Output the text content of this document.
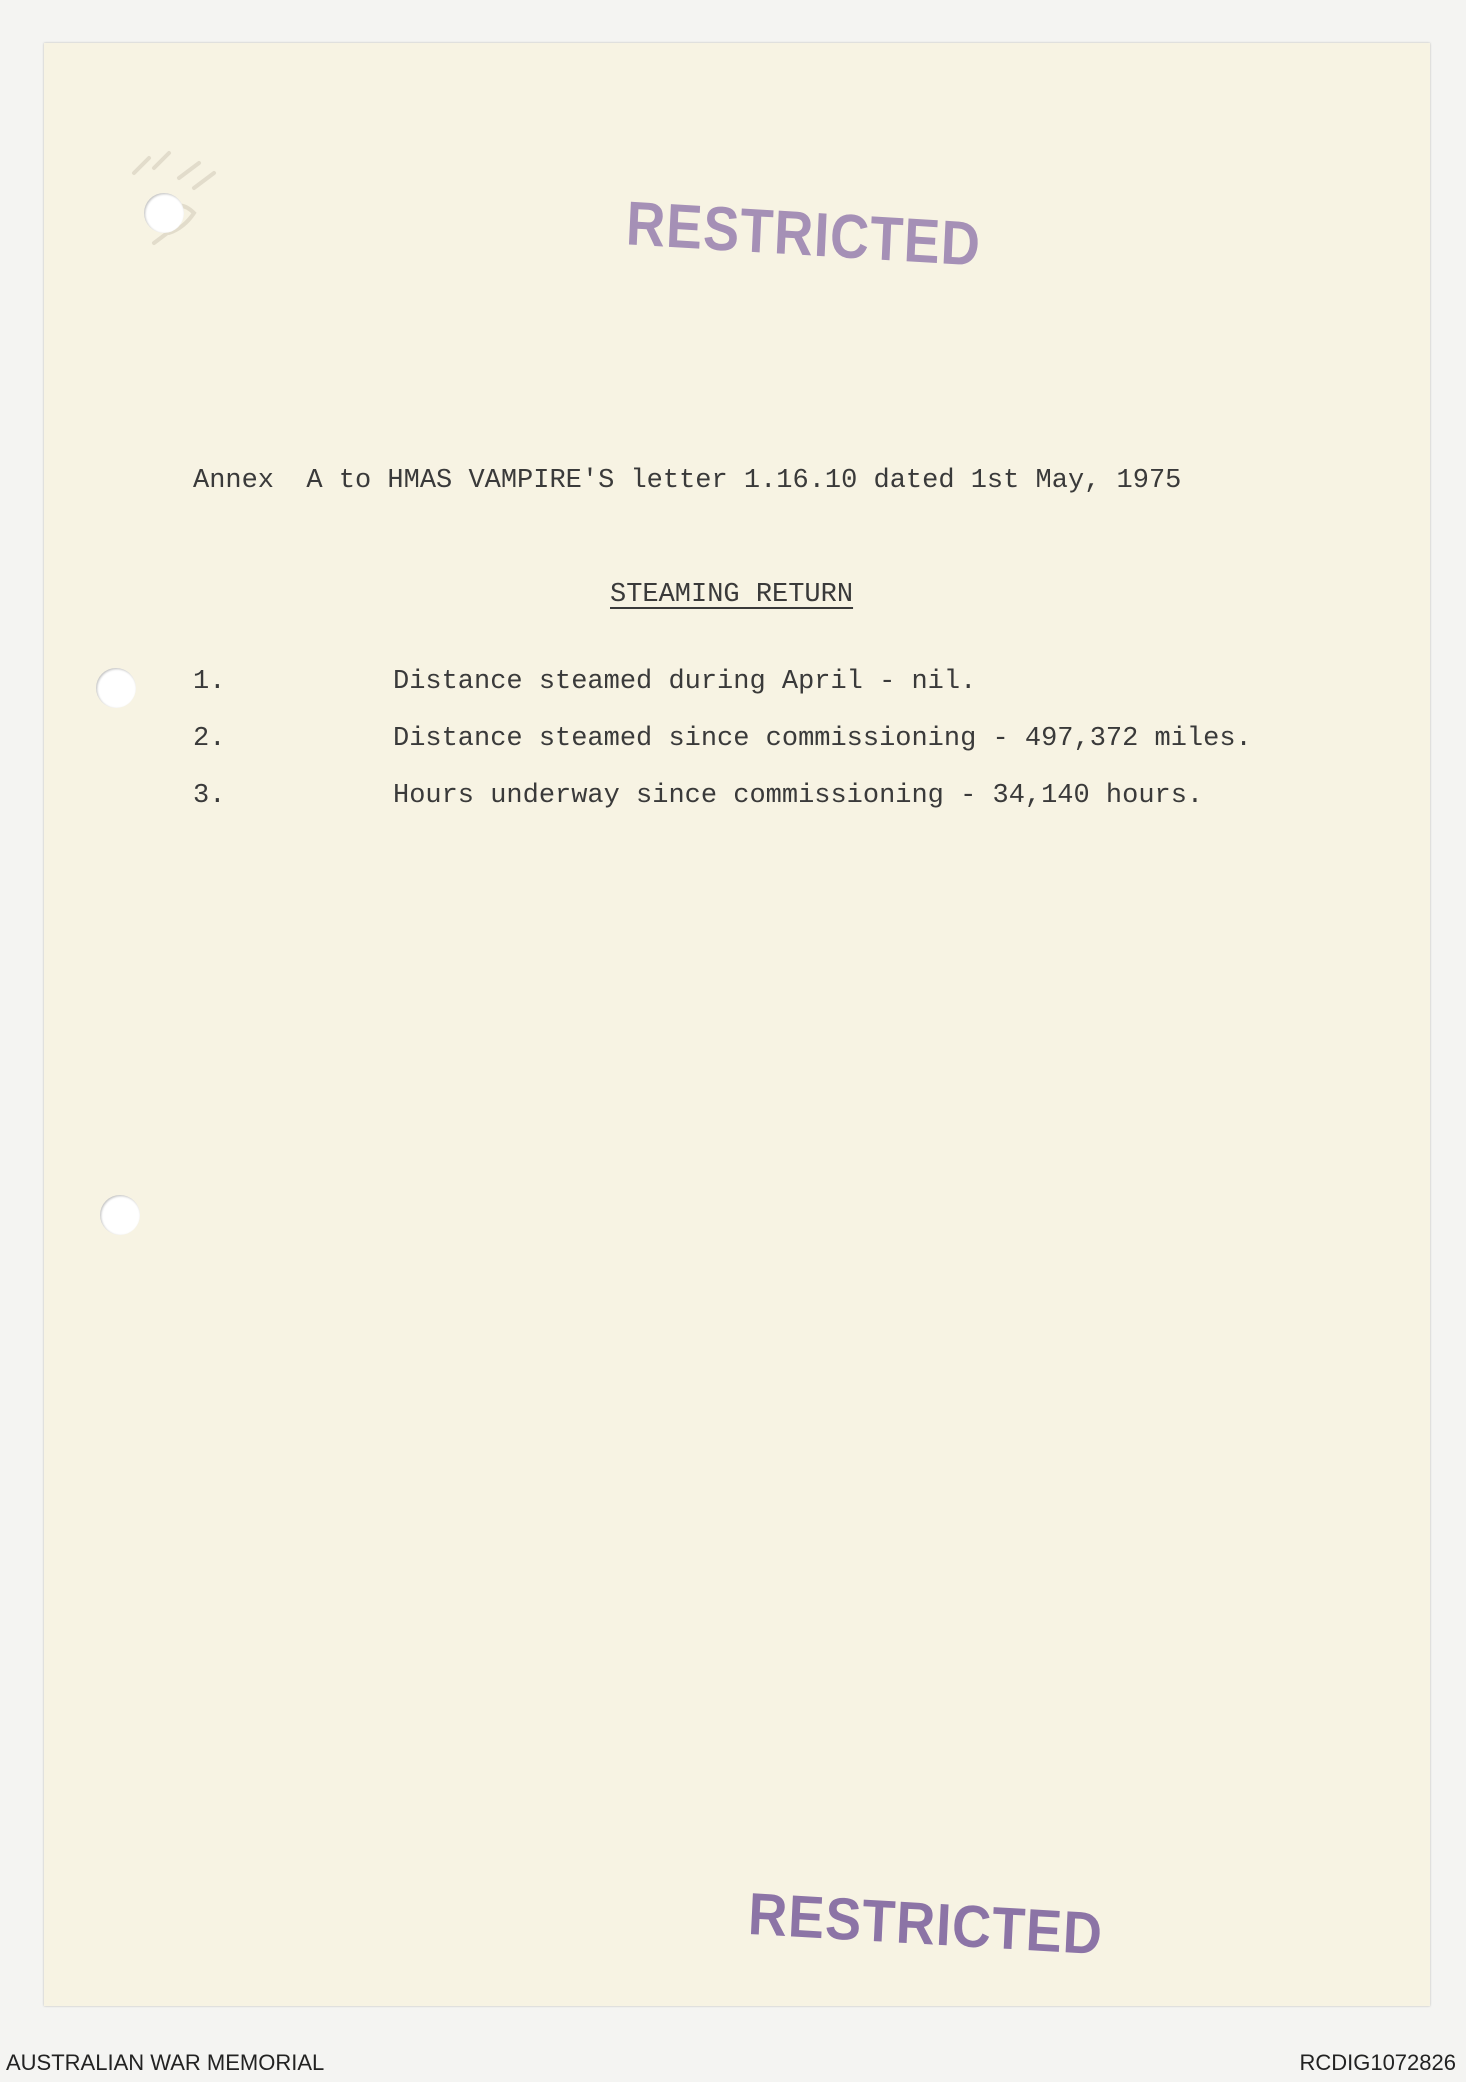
RESTRICTED
Annex  A to HMAS VAMPIRE'S letter 1.16.10 dated 1st May, 1975
STEAMING RETURN
1.	Distance steamed during April - nil.
2.	Distance steamed since commissioning - 497,372 miles.
3.	Hours underway since commissioning - 34,140 hours.
RESTRICTED
AUSTRALIAN WAR MEMORIAL	RCDIG1072826
